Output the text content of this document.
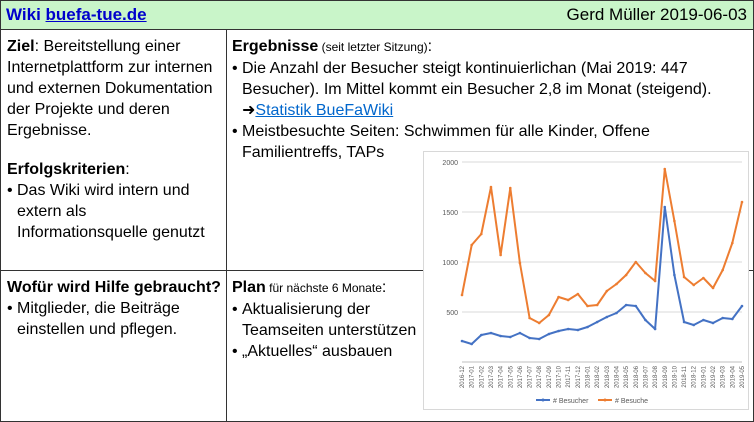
Wiki buefa-tue.de	Gerd Müller 2019-06-03
Ziel: Bereitstellung einer Internetplattform zur internen und externen Dokumentation der Projekte und deren Ergebnisse.
Erfolgskriterien:
• Das Wiki wird intern und extern als Informationsquelle genutzt
Ergebnisse (seit letzter Sitzung):
• Die Anzahl der Besucher steigt kontinuierlichan (Mai 2019: 447 Besucher). Im Mittel kommt ein Besucher 2,8 im Monat (steigend). ➜Statistik BueFaWiki
• Meistbesuchte Seiten: Schwimmen für alle Kinder, Offene Familientreffs, TAPs
Wofür wird Hilfe gebraucht?
• Mitglieder, die Beiträge einstellen und pflegen.
Plan für nächste 6 Monate:
• Aktualisierung der Teamseiten unterstützen
• „Aktuelles“ ausbauen
500
1000
1500
2000
2016-12 2017-01 2017-02 2017-03 2017-04 2017-05 2017-06 2017-07 2017-08 2017-09 2017-10 2017-11 2017-12 2018-01 2018-02 2018-03 2018-04 2018-05 2018-06 2018-07 2018-08 2018-09 2018-10 2018-11 2018-12 2019-01 2019-02 2019-03 2019-04 2019-05
# Besucher	# Besuche
